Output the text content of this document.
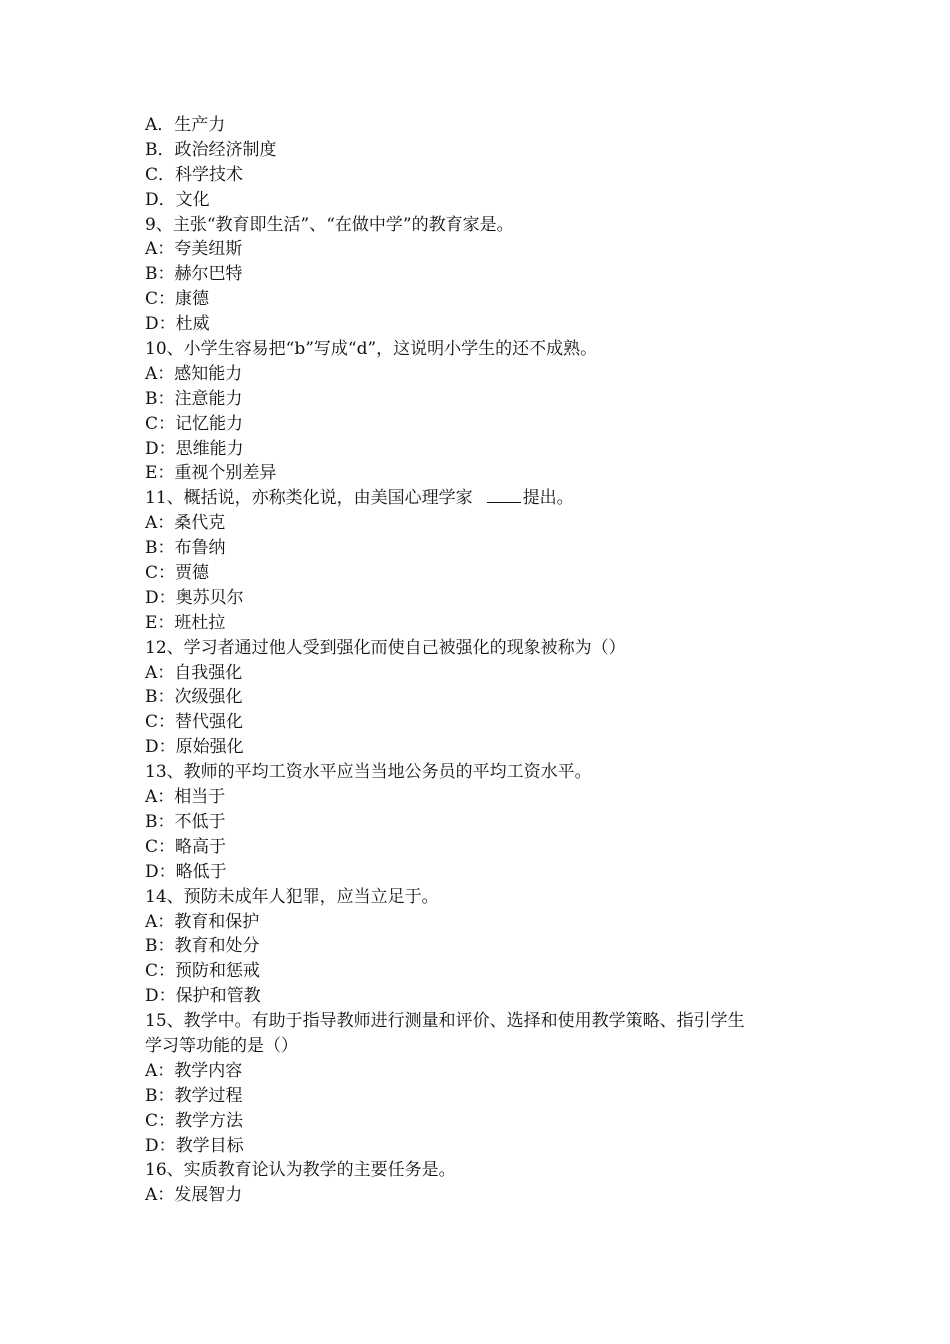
A．生产力
B．政治经济制度
C．科学技术
D．文化
9、主张“教育即生活”、“在做中学”的教育家是。
A：夸美纽斯
B：赫尔巴特
C：康德
D：杜威
10、小学生容易把“b”写成“d”，这说明小学生的还不成熟。
A：感知能力
B：注意能力
C：记忆能力
D：思维能力
E：重视个别差异
11、概括说，亦称类化说，由美国心理学家	提出。
A：桑代克
B：布鲁纳
C：贾德
D：奥苏贝尔
E：班杜拉
12、学习者通过他人受到强化而使自己被强化的现象被称为（）
A：自我强化
B：次级强化
C：替代强化
D：原始强化
13、教师的平均工资水平应当当地公务员的平均工资水平。
A：相当于
B：不低于
C：略高于
D：略低于
14、预防未成年人犯罪，应当立足于。
A：教育和保护
B：教育和处分
C：预防和惩戒
D：保护和管教
15、教学中。有助于指导教师进行测量和评价、选择和使用教学策略、指引学生
学习等功能的是（）
A：教学内容
B：教学过程
C：教学方法
D：教学目标
16、实质教育论认为教学的主要任务是。
A：发展智力
